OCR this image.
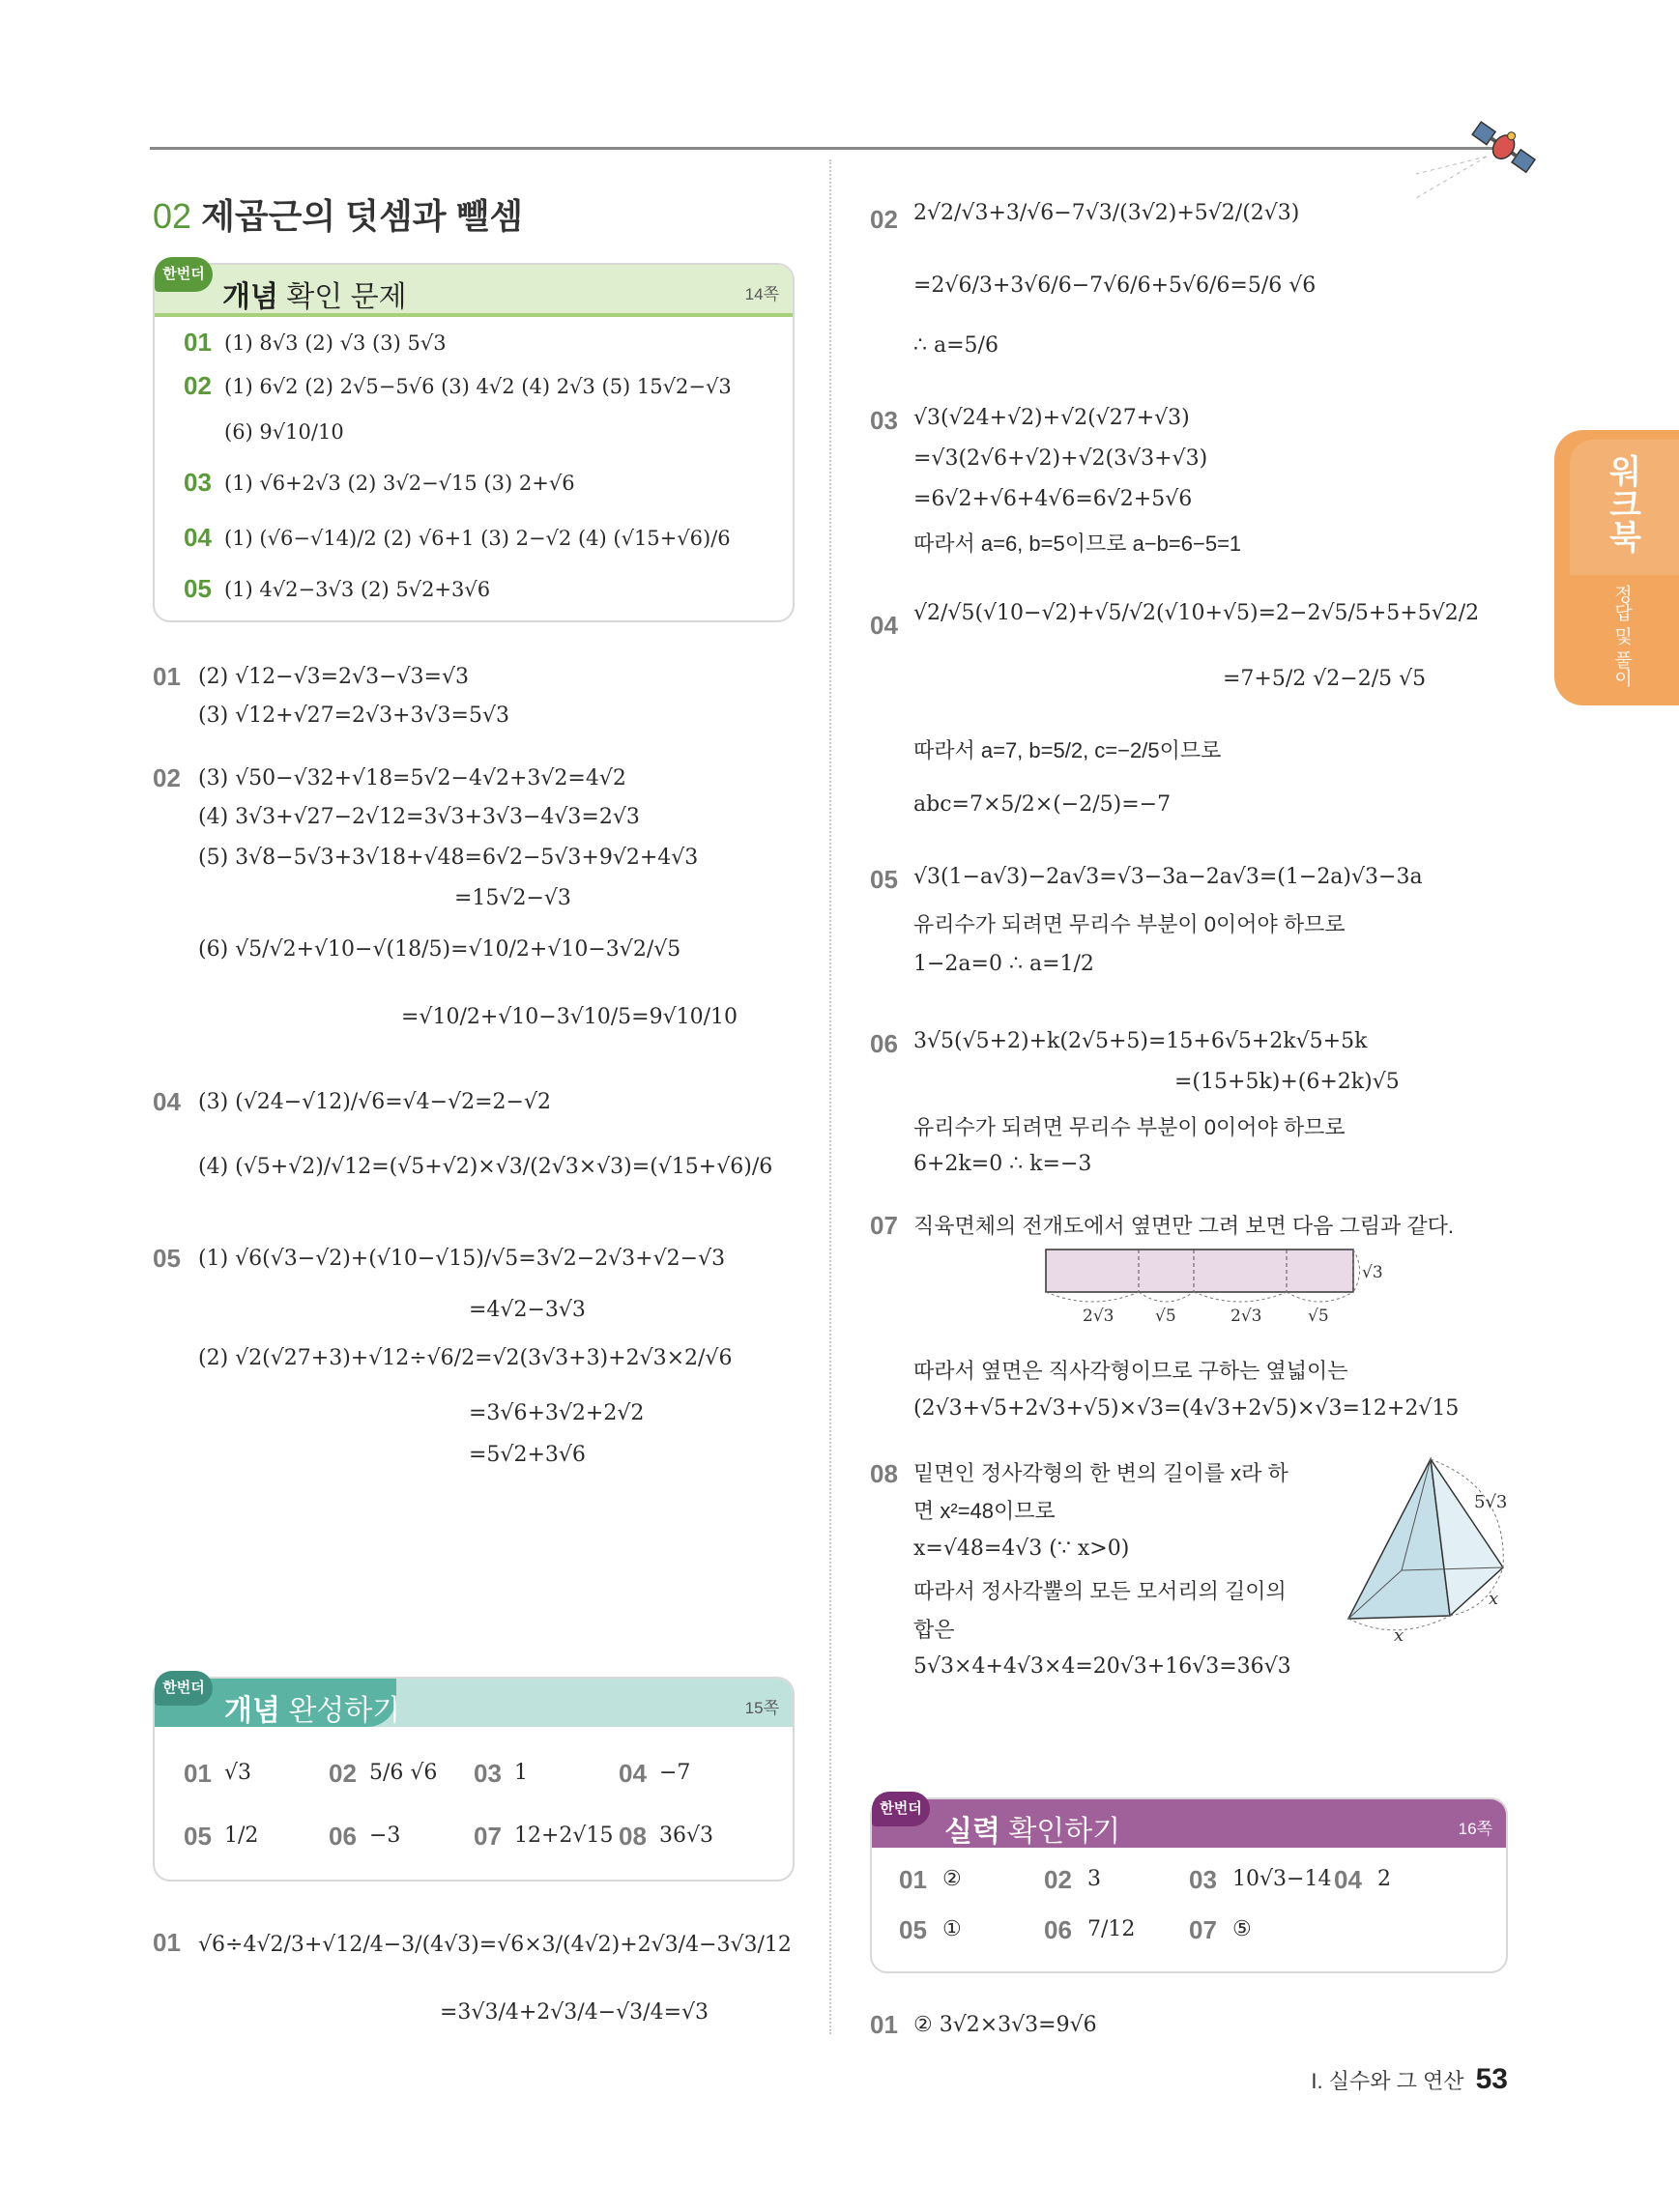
02 제곱근의 덧셈과 뺄셈
한번더
개념 확인 문제	14쪽
01 (1) 8√3 (2) √3 (3) 5√3
02 (1) 6√2 (2) 2√5−5√6 (3) 4√2 (4) 2√3 (5) 15√2−√3
(6) 9√10/10
03 (1) √6+2√3 (2) 3√2−√15 (3) 2+√6
04 (1) (√6−√14)/2 (2) √6+1 (3) 2−√2 (4) (√15+√6)/6
05 (1) 4√2−3√3 (2) 5√2+3√6
01 (2) √12−√3=2√3−√3=√3
(3) √12+√27=2√3+3√3=5√3
02 (3) √50−√32+√18=5√2−4√2+3√2=4√2
(4) 3√3+√27−2√12=3√3+3√3−4√3=2√3
(5) 3√8−5√3+3√18+√48=6√2−5√3+9√2+4√3
=15√2−√3
(6) √5/√2+√10−√(18/5)=√10/2+√10−3√2/√5
=√10/2+√10−3√10/5=9√10/10
04 (3) (√24−√12)/√6=√4−√2=2−√2
(4) (√5+√2)/√12=(√5+√2)×√3/(2√3×√3)=(√15+√6)/6
05 (1) √6(√3−√2)+(√10−√15)/√5=3√2−2√3+√2−√3
=4√2−3√3
(2) √2(√27+3)+√12÷√6/2=√2(3√3+3)+2√3×2/√6
=3√6+3√2+2√2
=5√2+3√6
한번더
개념 완성하기	15쪽
01 √3	02 5/6 √6 03 1	04 −7
05 1/2	06 −3	07 12+2√15 08 36√3
01 √6÷4√2/3+√12/4−3/(4√3)=√6×3/(4√2)+2√3/4−3√3/12
=3√3/4+2√3/4−√3/4=√3
02 2√2/√3+3/√6−7√3/(3√2)+5√2/(2√3)
=2√6/3+3√6/6−7√6/6+5√6/6=5/6 √6
∴ a=5/6
03 √3(√24+√2)+√2(√27+√3)
=√3(2√6+√2)+√2(3√3+√3)
=6√2+√6+4√6=6√2+5√6
따라서 a=6, b=5이므로 a−b=6−5=1
04 √2/√5(√10−√2)+√5/√2(√10+√5)=2−2√5/5+5+5√2/2
=7+5/2 √2−2/5 √5
따라서 a=7, b=5/2, c=−2/5이므로
abc=7×5/2×(−2/5)=−7
05 √3(1−a√3)−2a√3=√3−3a−2a√3=(1−2a)√3−3a
유리수가 되려면 무리수 부분이 0이어야 하므로
1−2a=0 ∴ a=1/2
06 3√5(√5+2)+k(2√5+5)=15+6√5+2k√5+5k
=(15+5k)+(6+2k)√5
유리수가 되려면 무리수 부분이 0이어야 하므로
6+2k=0 ∴ k=−3
07 직육면체의 전개도에서 옆면만 그려 보면 다음 그림과 같다.
따라서 옆면은 직사각형이므로 구하는 옆넓이는
(2√3+√5+2√3+√5)×√3=(4√3+2√5)×√3=12+2√15
08 밑면인 정사각형의 한 변의 길이를 x라 하
면 x²=48이므로
x=√48=4√3 (∵ x>0)
따라서 정사각뿔의 모든 모서리의 길이의
합은
5√3×4+4√3×4=20√3+16√3=36√3
√3
2√3	√5	2√3	√5
5√3
x
x
한번더
실력 확인하기	16쪽
01 ②	02 3	03 10√3−14 04 2
05 ①	06 7/12 07 ⑤
01 ② 3√2×3√3=9√6
워크북
정답 및 풀이
I. 실수와 그 연산 53
